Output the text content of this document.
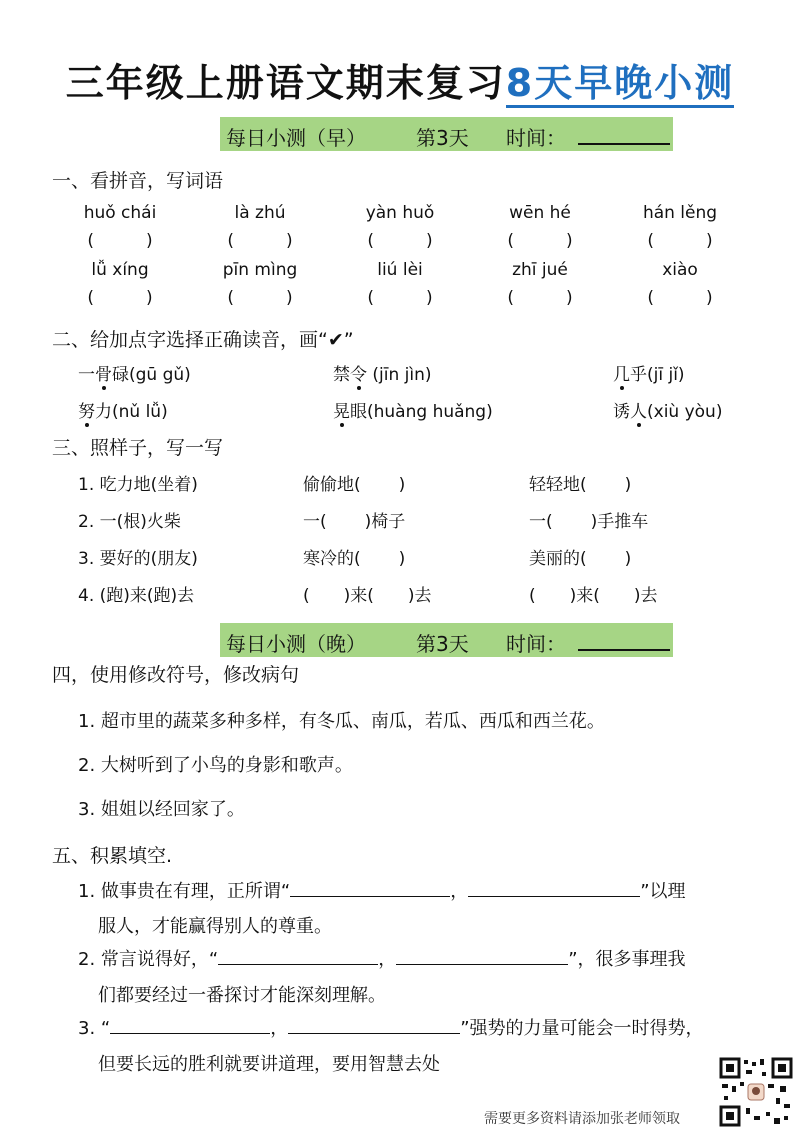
三年级上册语文期末复习8天早晚小测
每日小测（早）	第3天 时间：
一、看拼音，写词语
huǒ chái	là zhú	yàn huǒ	wēn hé	hán lěng
(	)	(	)	(	)	(	)	(	)
lǚ xíng	pīn mìng	liú lèi	zhī jué	xiào
(	)	(	)	(	)	(	)	(	)
二、给加点字选择正确读音，画“✔”
一骨碌(gū gǔ)	禁令 (jīn jìn)	几乎(jī jǐ)
努力(nǔ lǚ)	晃眼(huàng huǎng)	诱人(xiù yòu)
三、照样子，写一写
1. 吃力地(坐着)	偷偷地( )	轻轻地( )
2. 一(根)火柴	一( )椅子	一( )手推车
3. 要好的(朋友)	寒冷的( )	美丽的( )
4. (跑)来(跑)去	( )来( )去	( )来( )去
每日小测（晚）	第3天 时间：
四，使用修改符号，修改病句
1. 超市里的蔬菜多种多样，有冬瓜、南瓜，若瓜、西瓜和西兰花。
2. 大树听到了小鸟的身影和歌声。
3. 姐姐以经回家了。
五、积累填空.
1. 做事贵在有理，正所谓“	，	”以理
服人，才能赢得别人的尊重。
2. 常言说得好，“	，	”，很多事理我
们都要经过一番探讨才能深刻理解。
3. “	，	”强势的力量可能会一时得势，
但要长远的胜利就要讲道理，要用智慧去处
需要更多资料请添加张老师领取
